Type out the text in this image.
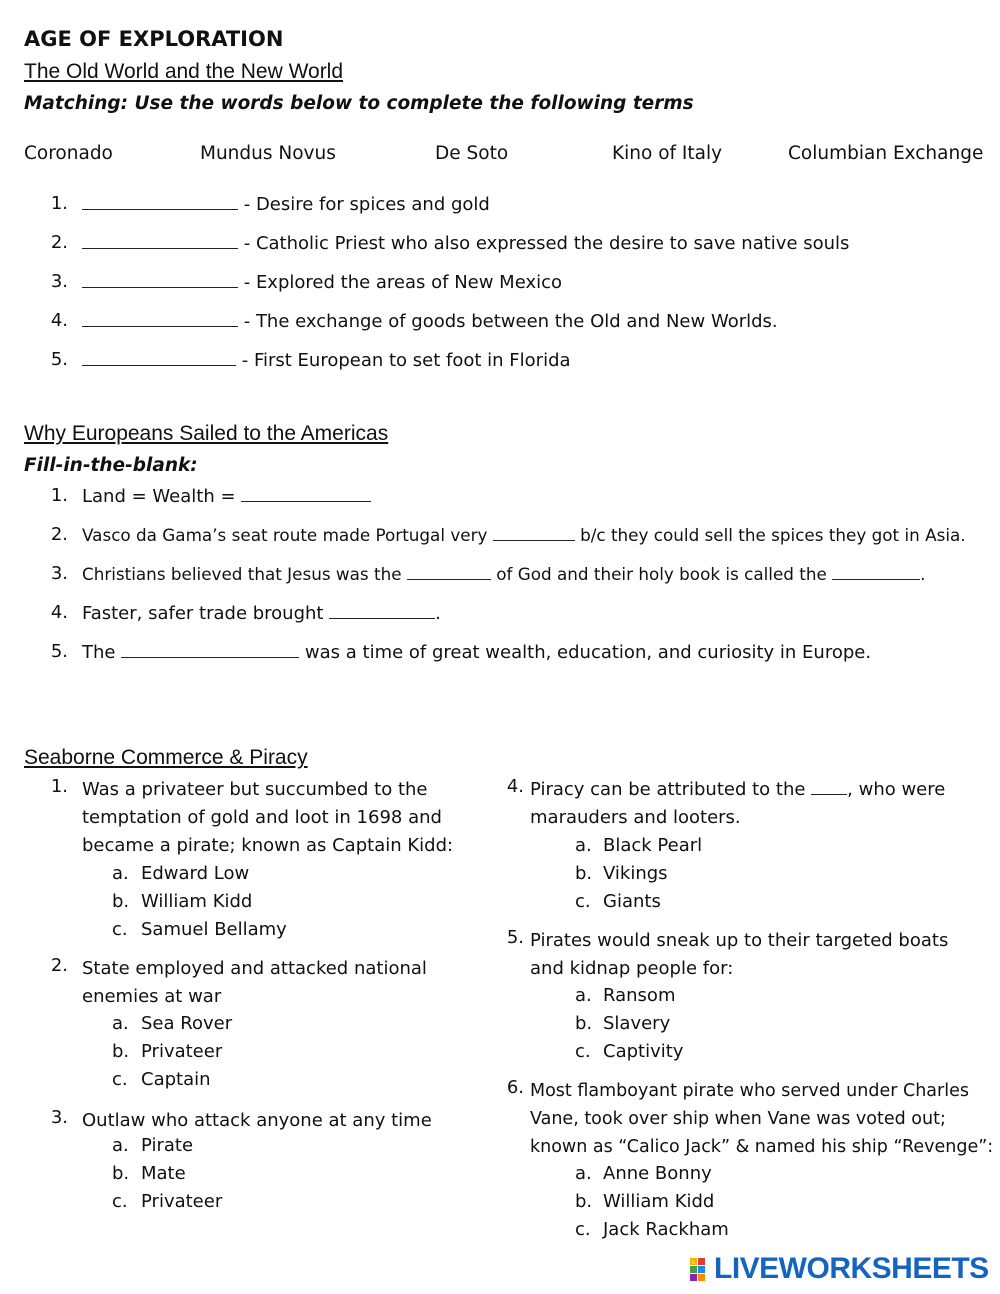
AGE OF EXPLORATION
The Old World and the New World
Matching: Use the words below to complete the following terms
Coronado	Mundus Novus	De Soto	Kino of Italy	Columbian Exchange
1.	- Desire for spices and gold
2.	- Catholic Priest who also expressed the desire to save native souls
3.	- Explored the areas of New Mexico
4.	- The exchange of goods between the Old and New Worlds.
5.	- First European to set foot in Florida
Why Europeans Sailed to the Americas
Fill-in-the-blank:
1. Land = Wealth =
2. Vasco da Gama’s seat route made Portugal very	b/c they could sell the spices they got in Asia.
3. Christians believed that Jesus was the	of God and their holy book is called the	.
4. Faster, safer trade brought	.
5. The	was a time of great wealth, education, and curiosity in Europe.
Seaborne Commerce & Piracy
1. Was a privateer but succumbed to the temptation of gold and loot in 1698 and became a pirate; known as Captain Kidd:
a. Edward Low
b. William Kidd
c. Samuel Bellamy
2. State employed and attacked national enemies at war
a. Sea Rover
b. Privateer
c. Captain
3. Outlaw who attack anyone at any time
a. Pirate
b. Mate
c. Privateer
4. Piracy can be attributed to the , who were marauders and looters.
a. Black Pearl
b. Vikings
c. Giants
5. Pirates would sneak up to their targeted boats and kidnap people for:
a. Ransom
b. Slavery
c. Captivity
6. Most flamboyant pirate who served under Charles Vane, took over ship when Vane was voted out; known as “Calico Jack” & named his ship “Revenge”:
a. Anne Bonny
b. William Kidd
c. Jack Rackham
L LIVEWORKSHEETS
